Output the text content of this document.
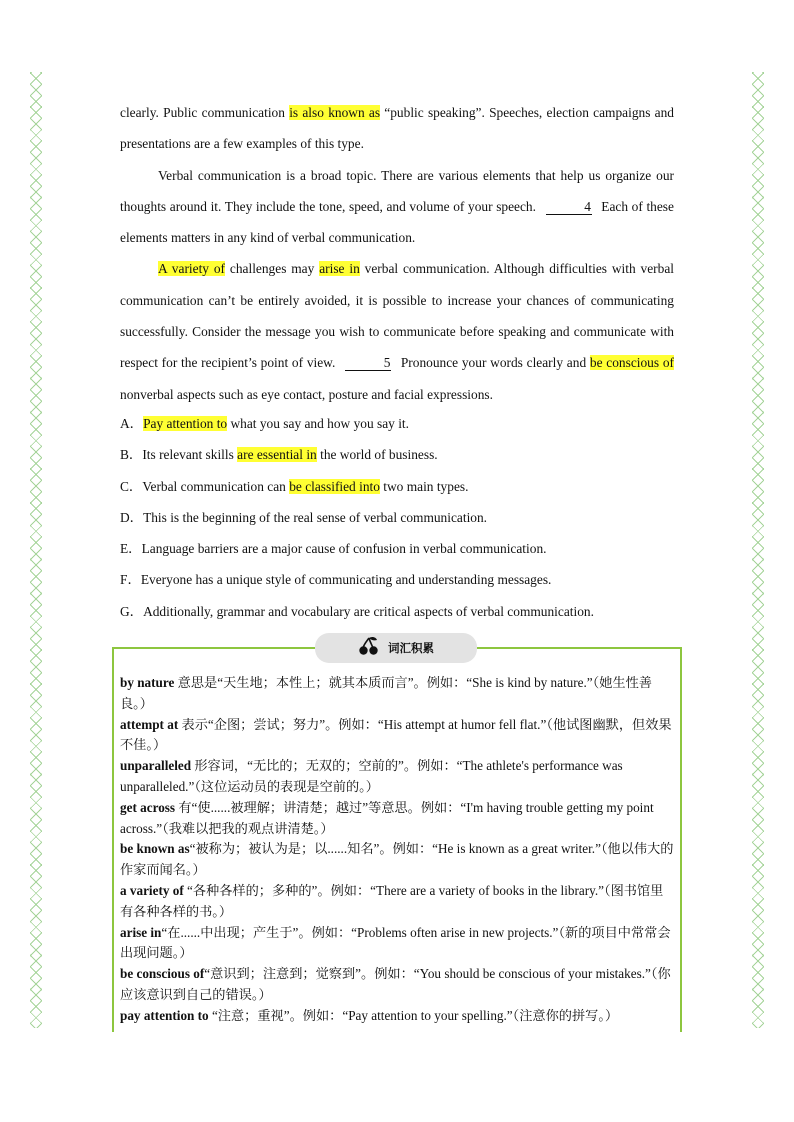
clearly. Public communication is also known as “public speaking”. Speeches, election campaigns and presentations are a few examples of this type.

Verbal communication is a broad topic. There are various elements that help us organize our thoughts around it. They include the tone, speed, and volume of your speech.	4 Each of these elements matters in any kind of verbal communication.

A variety of challenges may arise in verbal communication. Although difficulties with verbal communication can’t be entirely avoided, it is possible to increase your chances of communicating successfully. Consider the message you wish to communicate before speaking and communicate with respect for the recipient’s point of view.	5 Pronounce your words clearly and be conscious of nonverbal aspects such as eye contact, posture and facial expressions.

A．Pay attention to what you say and how you say it.
B．Its relevant skills are essential in the world of business.
C．Verbal communication can be classified into two main types.
D．This is the beginning of the real sense of verbal communication.
E．Language barriers are a major cause of confusion in verbal communication.
F．Everyone has a unique style of communicating and understanding messages.
G．Additionally, grammar and vocabulary are critical aspects of verbal communication.
词汇积累

by nature 意思是“天生地；本性上；就其本质而言”。例如：“She is kind by nature.”（她生性善良。）

attempt at 表示“企图；尝试；努力”。例如：“His attempt at humor fell flat.”（他试图幽默，但效果不佳。）

unparalleled 形容词，“无比的；无双的；空前的”。例如：“The athlete's performance was unparalleled.”（这位运动员的表现是空前的。）

get across 有“使......被理解；讲清楚；越过”等意思。例如：“I'm having trouble getting my point across.”（我难以把我的观点讲清楚。）

be known as“被称为；被认为是；以......知名”。例如：“He is known as a great writer.”（他以伟大的作家而闻名。）

a variety of “各种各样的；多种的”。例如：“There are a variety of books in the library.”（图书馆里有各种各样的书。）

arise in“在......中出现；产生于”。例如：“Problems often arise in new projects.”（新的项目中常常会出现问题。）

be conscious of“意识到；注意到；觉察到”。例如：“You should be conscious of your mistakes.”（你应该意识到自己的错误。）

pay attention to “注意；重视”。例如：“Pay attention to your spelling.”（注意你的拼写。）
